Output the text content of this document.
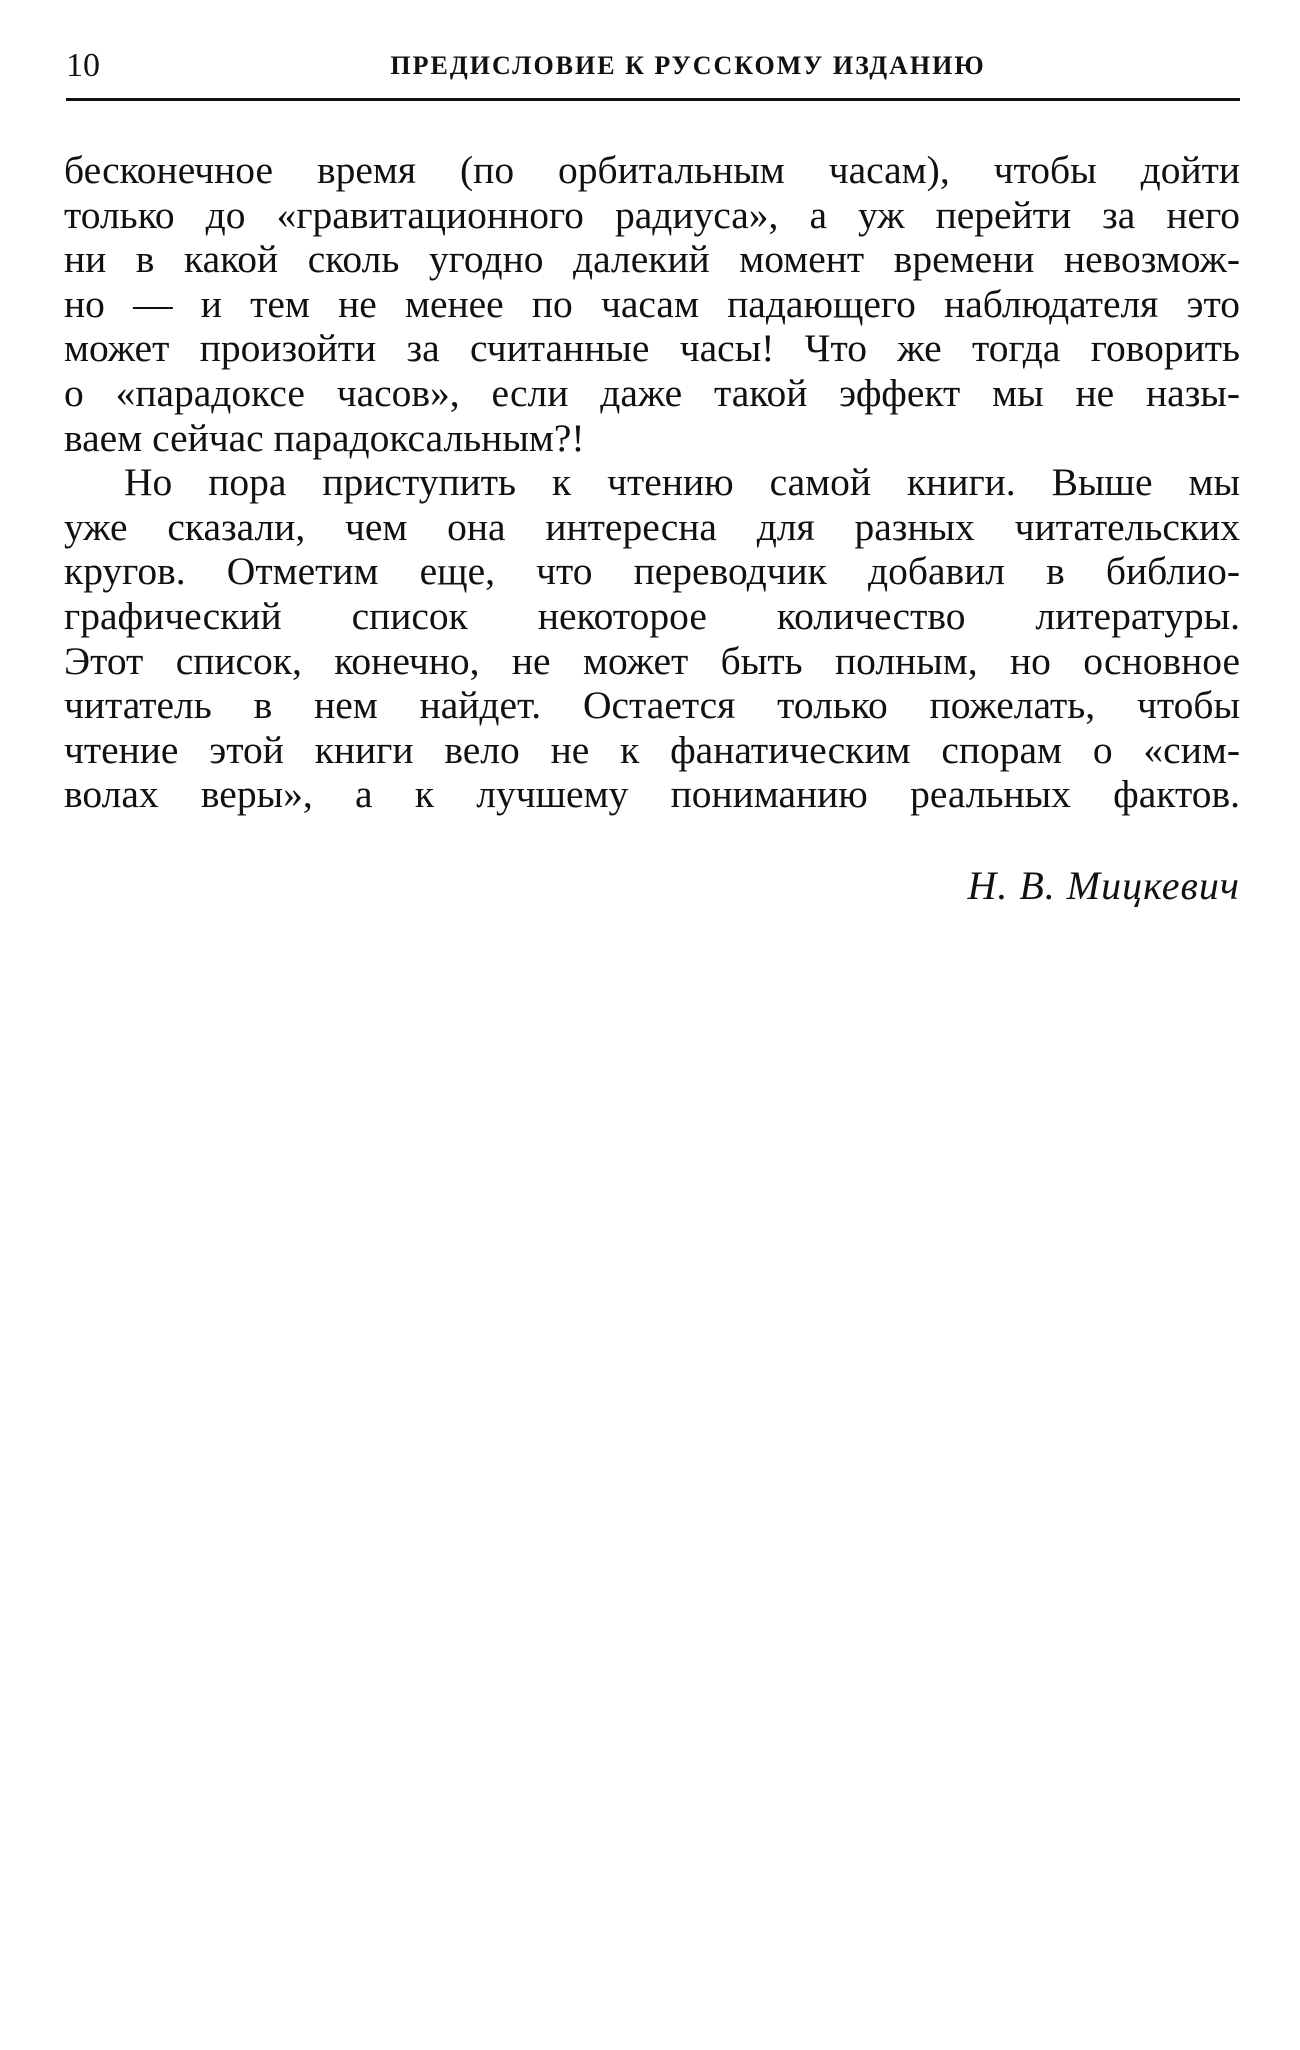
10	ПРЕДИСЛОВИЕ К РУССКОМУ ИЗДАНИЮ

бесконечное время (по орбитальным часам), чтобы дойти
только до «гравитационного радиуса», а уж перейти за него
ни в какой сколь угодно далекий момент времени невозмож-
но — и тем не менее по часам падающего наблюдателя это
может произойти за считанные часы! Что же тогда говорить
о «парадоксе часов», если даже такой эффект мы не назы-
ваем сейчас парадоксальным?!

Но пора приступить к чтению самой книги. Выше мы
уже сказали, чем она интересна для разных читательских
кругов. Отметим еще, что переводчик добавил в библио-
графический список некоторое количество литературы.
Этот список, конечно, не может быть полным, но основное
читатель в нем найдет. Остается только пожелать, чтобы
чтение этой книги вело не к фанатическим спорам о «сим-
волах веры», а к лучшему пониманию реальных фактов.

Н. В. Мицкевич
